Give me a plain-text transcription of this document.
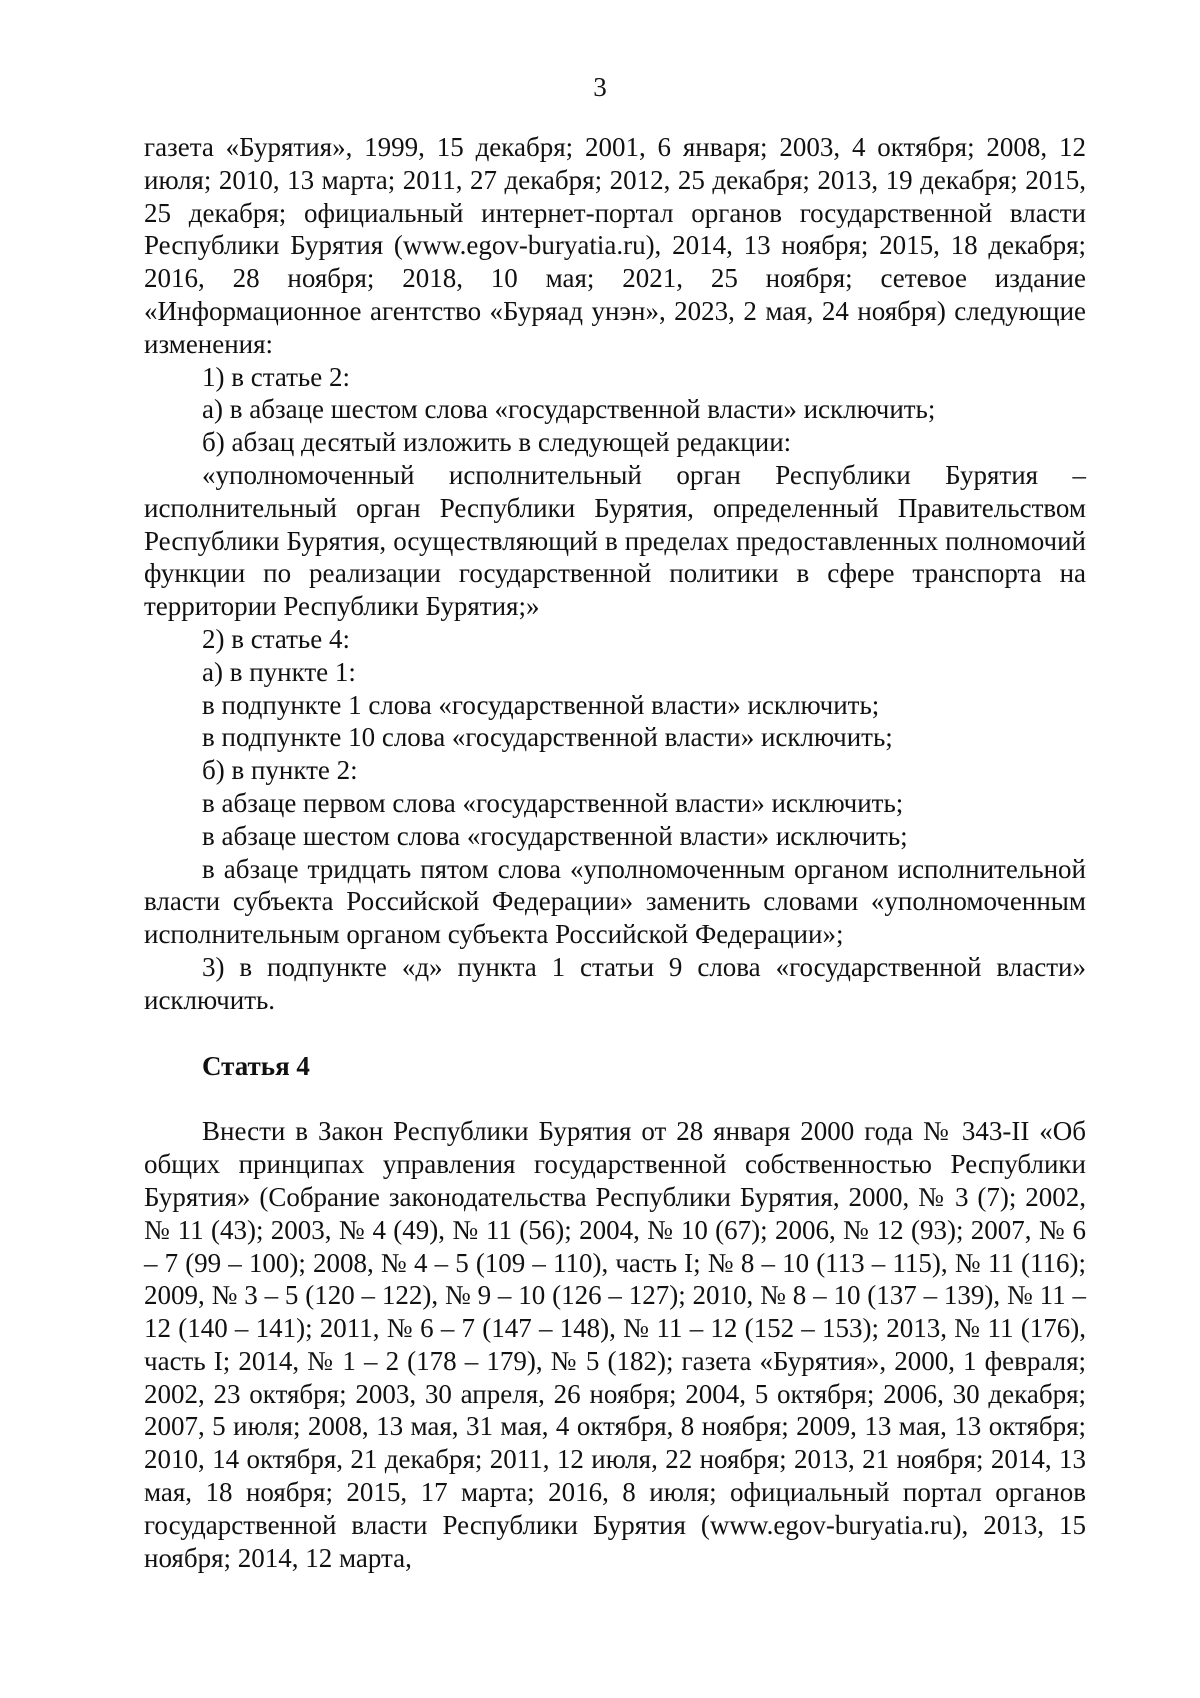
3

газета «Бурятия», 1999, 15 декабря; 2001, 6 января; 2003, 4 октября; 2008, 12 июля; 2010, 13 марта; 2011, 27 декабря; 2012, 25 декабря; 2013, 19 декабря; 2015, 25 декабря; официальный интернет-портал органов государственной власти Республики Бурятия (www.egov-buryatia.ru), 2014, 13 ноября; 2015, 18 декабря; 2016, 28 ноября; 2018, 10 мая; 2021, 25 ноября; сетевое издание «Информационное агентство «Буряад унэн», 2023, 2 мая, 24 ноября) следующие изменения:

1) в статье 2:

а) в абзаце шестом слова «государственной власти» исключить;

б) абзац десятый изложить в следующей редакции:

«уполномоченный исполнительный орган Республики Бурятия – исполнительный орган Республики Бурятия, определенный Правительством Республики Бурятия, осуществляющий в пределах предоставленных полномочий функции по реализации государственной политики в сфере транспорта на территории Республики Бурятия;»

2) в статье 4:

а) в пункте 1:

в подпункте 1 слова «государственной власти» исключить;

в подпункте 10 слова «государственной власти» исключить;

б) в пункте 2:

в абзаце первом слова «государственной власти» исключить;

в абзаце шестом слова «государственной власти» исключить;

в абзаце тридцать пятом слова «уполномоченным органом исполнительной власти субъекта Российской Федерации» заменить словами «уполномоченным исполнительным органом субъекта Российской Федерации»;

3) в подпункте «д» пункта 1 статьи 9 слова «государственной власти» исключить.

Статья 4

Внести в Закон Республики Бурятия от 28 января 2000 года № 343-II «Об общих принципах управления государственной собственностью Республики Бурятия» (Собрание законодательства Республики Бурятия, 2000, № 3 (7); 2002, № 11 (43); 2003, № 4 (49), № 11 (56); 2004, № 10 (67); 2006, № 12 (93); 2007, № 6 – 7 (99 – 100); 2008, № 4 – 5 (109 – 110), часть I; № 8 – 10 (113 – 115), № 11 (116); 2009, № 3 – 5 (120 – 122), № 9 – 10 (126 – 127); 2010, № 8 – 10 (137 – 139), № 11 – 12 (140 – 141); 2011, № 6 – 7 (147 – 148), № 11 – 12 (152 – 153); 2013, № 11 (176), часть I; 2014, № 1 – 2 (178 – 179), № 5 (182); газета «Бурятия», 2000, 1 февраля; 2002, 23 октября; 2003, 30 апреля, 26 ноября; 2004, 5 октября; 2006, 30 декабря; 2007, 5 июля; 2008, 13 мая, 31 мая, 4 октября, 8 ноября; 2009, 13 мая, 13 октября; 2010, 14 октября, 21 декабря; 2011, 12 июля, 22 ноября; 2013, 21 ноября; 2014, 13 мая, 18 ноября; 2015, 17 марта; 2016, 8 июля; официальный портал органов государственной власти Республики Бурятия (www.egov-buryatia.ru), 2013, 15 ноября; 2014, 12 марта,
